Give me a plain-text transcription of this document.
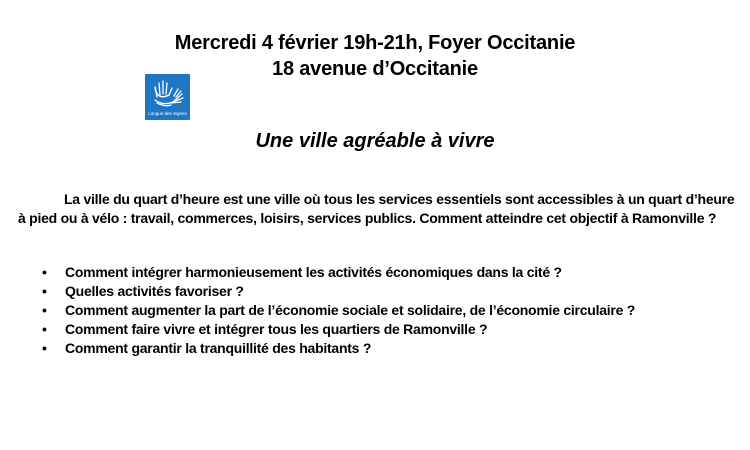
Mercredi 4 février 19h-21h, Foyer Occitanie
18 avenue d’Occitanie
Langue des Signes
Une ville agréable à vivre

La ville du quart d’heure est une ville où tous les services essentiels sont accessibles à un quart d’heure à pied ou à vélo : travail, commerces, loisirs, services publics. Comment atteindre cet objectif à Ramonville ?

• Comment intégrer harmonieusement les activités économiques dans la cité ?
• Quelles activités favoriser ?
• Comment augmenter la part de l’économie sociale et solidaire, de l’économie circulaire ?
• Comment faire vivre et intégrer tous les quartiers de Ramonville ?
• Comment garantir la tranquillité des habitants ?
